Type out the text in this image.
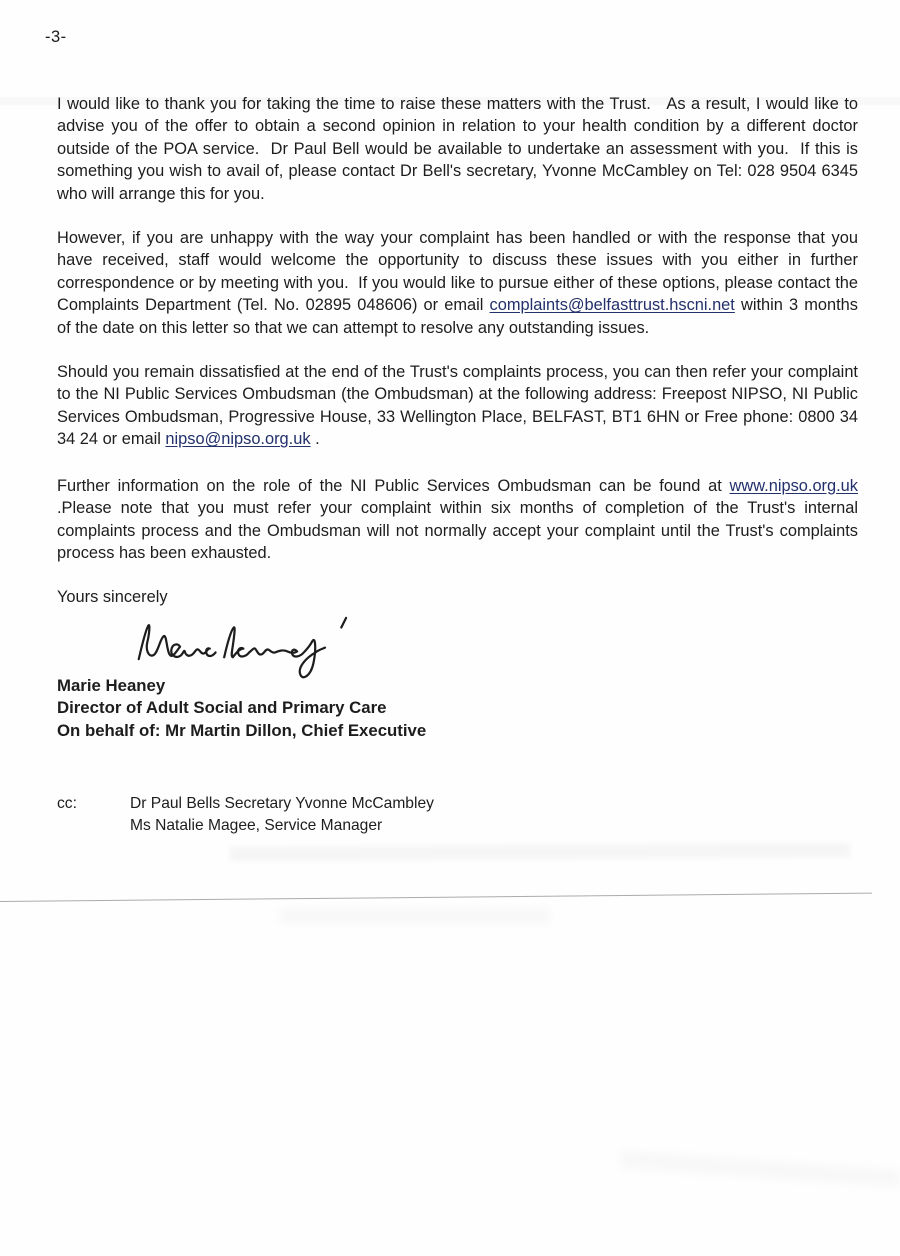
-3-

I would like to thank you for taking the time to raise these matters with the Trust.   As a result, I would like to advise you of the offer to obtain a second opinion in relation to your health condition by a different doctor outside of the POA service.  Dr Paul Bell would be available to undertake an assessment with you.  If this is something you wish to avail of, please contact Dr Bell's secretary, Yvonne McCambley on Tel: 028 9504 6345 who will arrange this for you.

However, if you are unhappy with the way your complaint has been handled or with the response that you have received, staff would welcome the opportunity to discuss these issues with you either in further correspondence or by meeting with you.  If you would like to pursue either of these options, please contact the Complaints Department (Tel. No. 02895 048606) or email complaints@belfasttrust.hscni.net within 3 months of the date on this letter so that we can attempt to resolve any outstanding issues.

Should you remain dissatisfied at the end of the Trust's complaints process, you can then refer your complaint to the NI Public Services Ombudsman (the Ombudsman) at the following address: Freepost NIPSO, NI Public Services Ombudsman, Progressive House, 33 Wellington Place, BELFAST, BT1 6HN or Free phone: 0800 34 34 24 or email nipso@nipso.org.uk .

Further information on the role of the NI Public Services Ombudsman can be found at www.nipso.org.uk .Please note that you must refer your complaint within six months of completion of the Trust's internal complaints process and the Ombudsman will not normally accept your complaint until the Trust's complaints process has been exhausted.

Yours sincerely

Marie Heaney
Director of Adult Social and Primary Care
On behalf of: Mr Martin Dillon, Chief Executive
cc:	Dr Paul Bells Secretary Yvonne McCambley
Ms Natalie Magee, Service Manager
